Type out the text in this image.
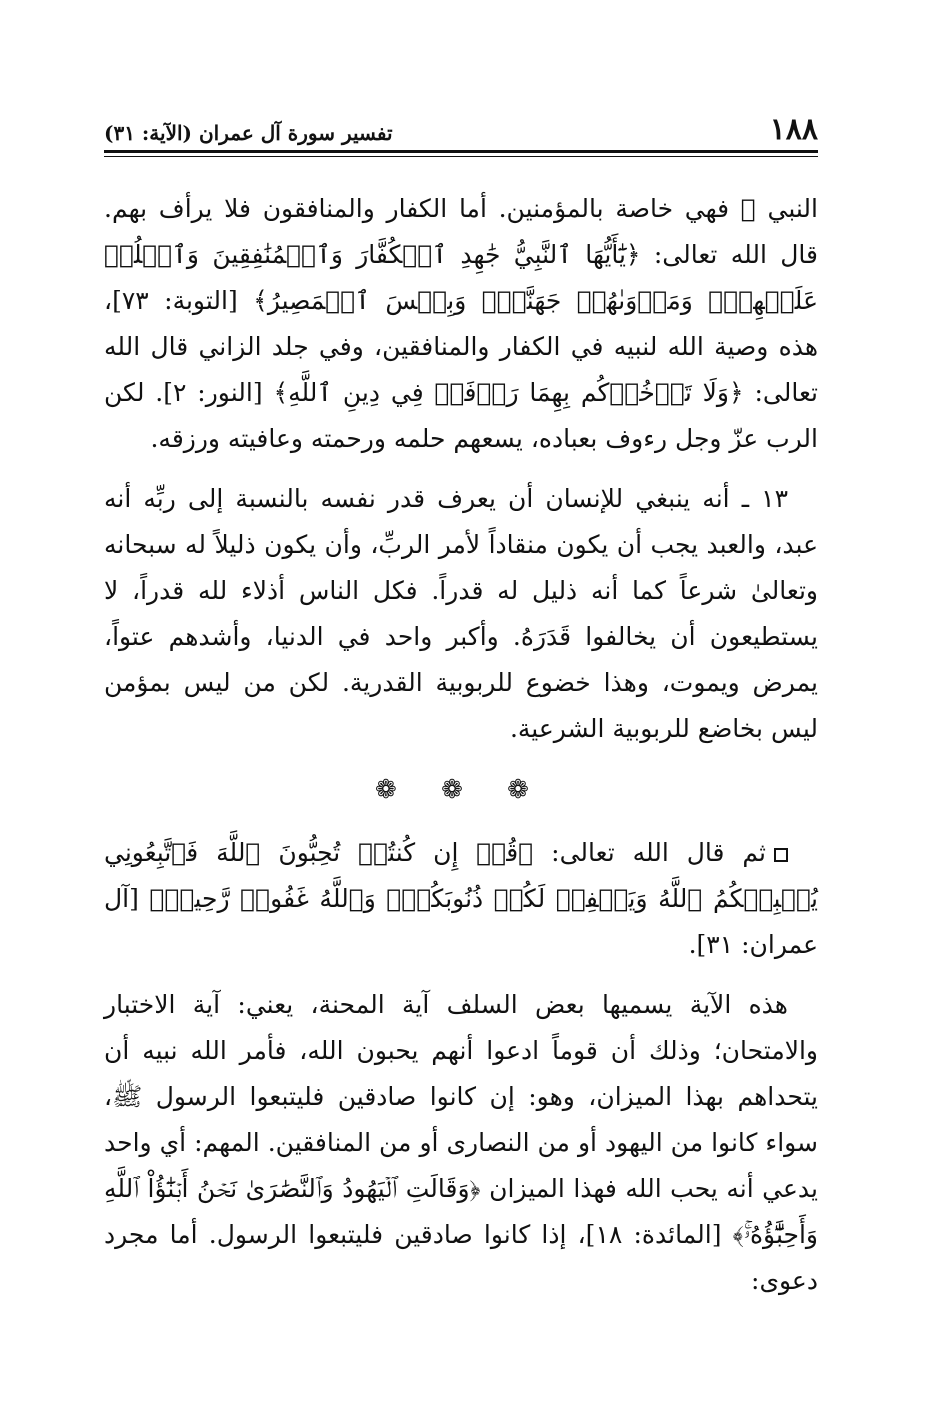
١٨٨
تفسير سورة آل عمران (الآية: ٣١)

النبي ﷺ فهي خاصة بالمؤمنين. أما الكفار والمنافقون فلا يرأف بهم. قال الله تعالى: ﴿يَٰٓأَيُّهَا ٱلنَّبِيُّ جَٰهِدِ ٱلۡكُفَّارَ وَٱلۡمُنَٰفِقِينَ وَٱغۡلُظۡ عَلَيۡهِمۡۚ وَمَأۡوَىٰهُمۡ جَهَنَّمُۖ وَبِئۡسَ ٱلۡمَصِيرُ﴾ [التوبة: ٧٣]، هذه وصية الله لنبيه في الكفار والمنافقين، وفي جلد الزاني قال الله تعالى: ﴿وَلَا تَأۡخُذۡكُم بِهِمَا رَأۡفَةٞ فِي دِينِ ٱللَّهِ﴾ [النور: ٢]. لكن الرب عزّ وجل رءوف بعباده، يسعهم حلمه ورحمته وعافيته ورزقه.

١٣ ـ أنه ينبغي للإنسان أن يعرف قدر نفسه بالنسبة إلى ربِّه أنه عبد، والعبد يجب أن يكون منقاداً لأمر الربِّ، وأن يكون ذليلاً له سبحانه وتعالىٰ شرعاً كما أنه ذليل له قدراً. فكل الناس أذلاء لله قدراً، لا يستطيعون أن يخالفوا قَدَرَهُ. وأكبر واحد في الدنيا، وأشدهم عتواً، يمرض ويموت، وهذا خضوع للربوبية القدرية. لكن من ليس بمؤمن ليس بخاضع للربوبية الشرعية.

❁ ❁ ❁

ثم قال الله تعالى: ﴿قُلۡ إِن كُنتُمۡ تُحِبُّونَ ٱللَّهَ فَٱتَّبِعُونِي يُحۡبِبۡكُمُ ٱللَّهُ وَيَغۡفِرۡ لَكُمۡ ذُنُوبَكُمۡۚ وَٱللَّهُ غَفُورٞ رَّحِيمٞ﴾ [آل عمران: ٣١].

هذه الآية يسميها بعض السلف آية المحنة، يعني: آية الاختبار والامتحان؛ وذلك أن قوماً ادعوا أنهم يحبون الله، فأمر الله نبيه أن يتحداهم بهذا الميزان، وهو: إن كانوا صادقين فليتبعوا الرسول ﷺ، سواء كانوا من اليهود أو من النصارى أو من المنافقين. المهم: أي واحد يدعي أنه يحب الله فهذا الميزان ﴿وَقَالَتِ ٱلۡيَهُودُ وَٱلنَّصَٰرَىٰ نَحۡنُ أَبۡنَٰٓؤُاْ ٱللَّهِ وَأَحِبَّٰٓؤُهُۥۚ﴾ [المائدة: ١٨]، إذا كانوا صادقين فليتبعوا الرسول. أما مجرد دعوى:
